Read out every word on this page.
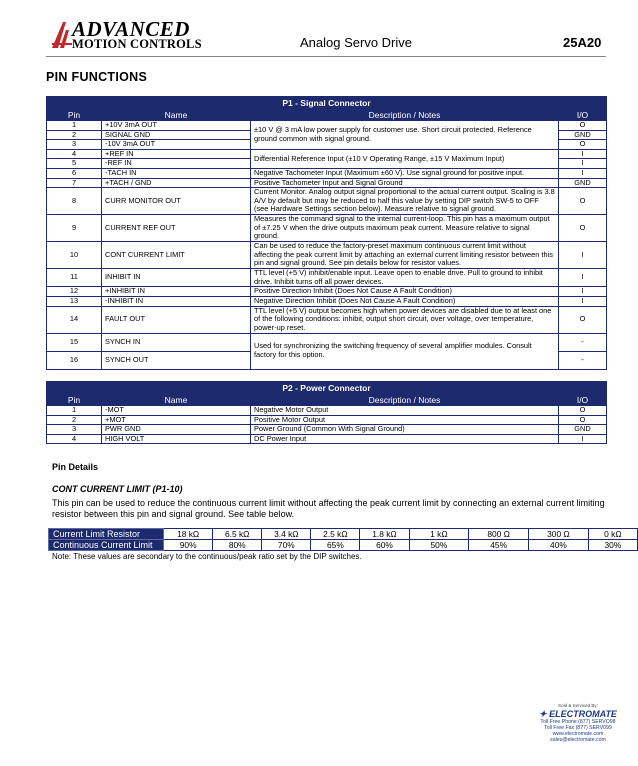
ADVANCED
MOTION CONTROLS	Analog Servo Drive	25A20
PIN FUNCTIONS
P1 - Signal Connector			
Pin	Name	Description / Notes	I/O
1	+10V 3mA OUT	±10 V @ 3 mA low power supply for customer use. Short circuit protected. Reference ground common with signal ground.	O
2	SIGNAL GND		GND
3	-10V 3mA OUT		O
4	+REF IN	Differential Reference Input (±10 V Operating Range, ±15 V Maximum Input)	I
5	-REF IN		I
6	-TACH IN	Negative Tachometer Input (Maximum ±60 V). Use signal ground for positive input.	I
7	+TACH / GND	Positive Tachometer Input and Signal Ground	GND
8	CURR MONITOR OUT	Current Monitor. Analog output signal proportional to the actual current output. Scaling is 3.8 A/V by default but may be reduced to half this value by setting DIP switch SW-5 to OFF (see Hardware Settings section below). Measure relative to signal ground.	O
9	CURRENT REF OUT	Measures the command signal to the internal current-loop. This pin has a maximum output of ±7.25 V when the drive outputs maximum peak current. Measure relative to signal ground.	O
10	CONT CURRENT LIMIT	Can be used to reduce the factory-preset maximum continuous current limit without affecting the peak current limit by attaching an external current limiting resistor between this pin and signal ground. See pin details below for resistor values.	I
11	INHIBIT IN	TTL level (+5 V) inhibit/enable input. Leave open to enable drive. Pull to ground to inhibit drive. Inhibit turns off all power devices.	I
12	+INHIBIT IN	Positive Direction Inhibit (Does Not Cause A Fault Condition)	I
13	-INHIBIT IN	Negative Direction Inhibit (Does Not Cause A Fault Condition)	I
14	FAULT OUT	TTL level (+5 V) output becomes high when power devices are disabled due to at least one of the following conditions: inhibit, output short circuit, over voltage, over temperature, power-up reset.	O
15	SYNCH IN	Used for synchronizing the switching frequency of several amplifier modules. Consult factory for this option.	-
16	SYNCH OUT		-
P2 - Power Connector			
Pin	Name	Description / Notes	I/O
1	-MOT	Negative Motor Output	O
2	+MOT	Positive Motor Output	O
3	PWR GND	Power Ground (Common With Signal Ground)	GND
4	HIGH VOLT	DC Power Input	I
Pin Details
CONT CURRENT LIMIT (P1-10)
This pin can be used to reduce the continuous current limit without affecting the peak current limit by connecting an external current limiting resistor between this pin and signal ground. See table below.
Current Limit Resistor	18 kΩ	6.5 kΩ	3.4 kΩ	2.5 kΩ	1.8 kΩ	1 kΩ	800 Ω	300 Ω	0 kΩ
Continuous Current Limit	90%	80%	70%	65%	60%	50%	45%	40%	30%
Note: These values are secondary to the continuous/peak ratio set by the DIP switches.
Sold & Serviced By:
✦ ELECTROMATE
Toll Free Phone (877) SERVO98
Toll Free Fax (877) SERV099
www.electromate.com
sales@electromate.com
